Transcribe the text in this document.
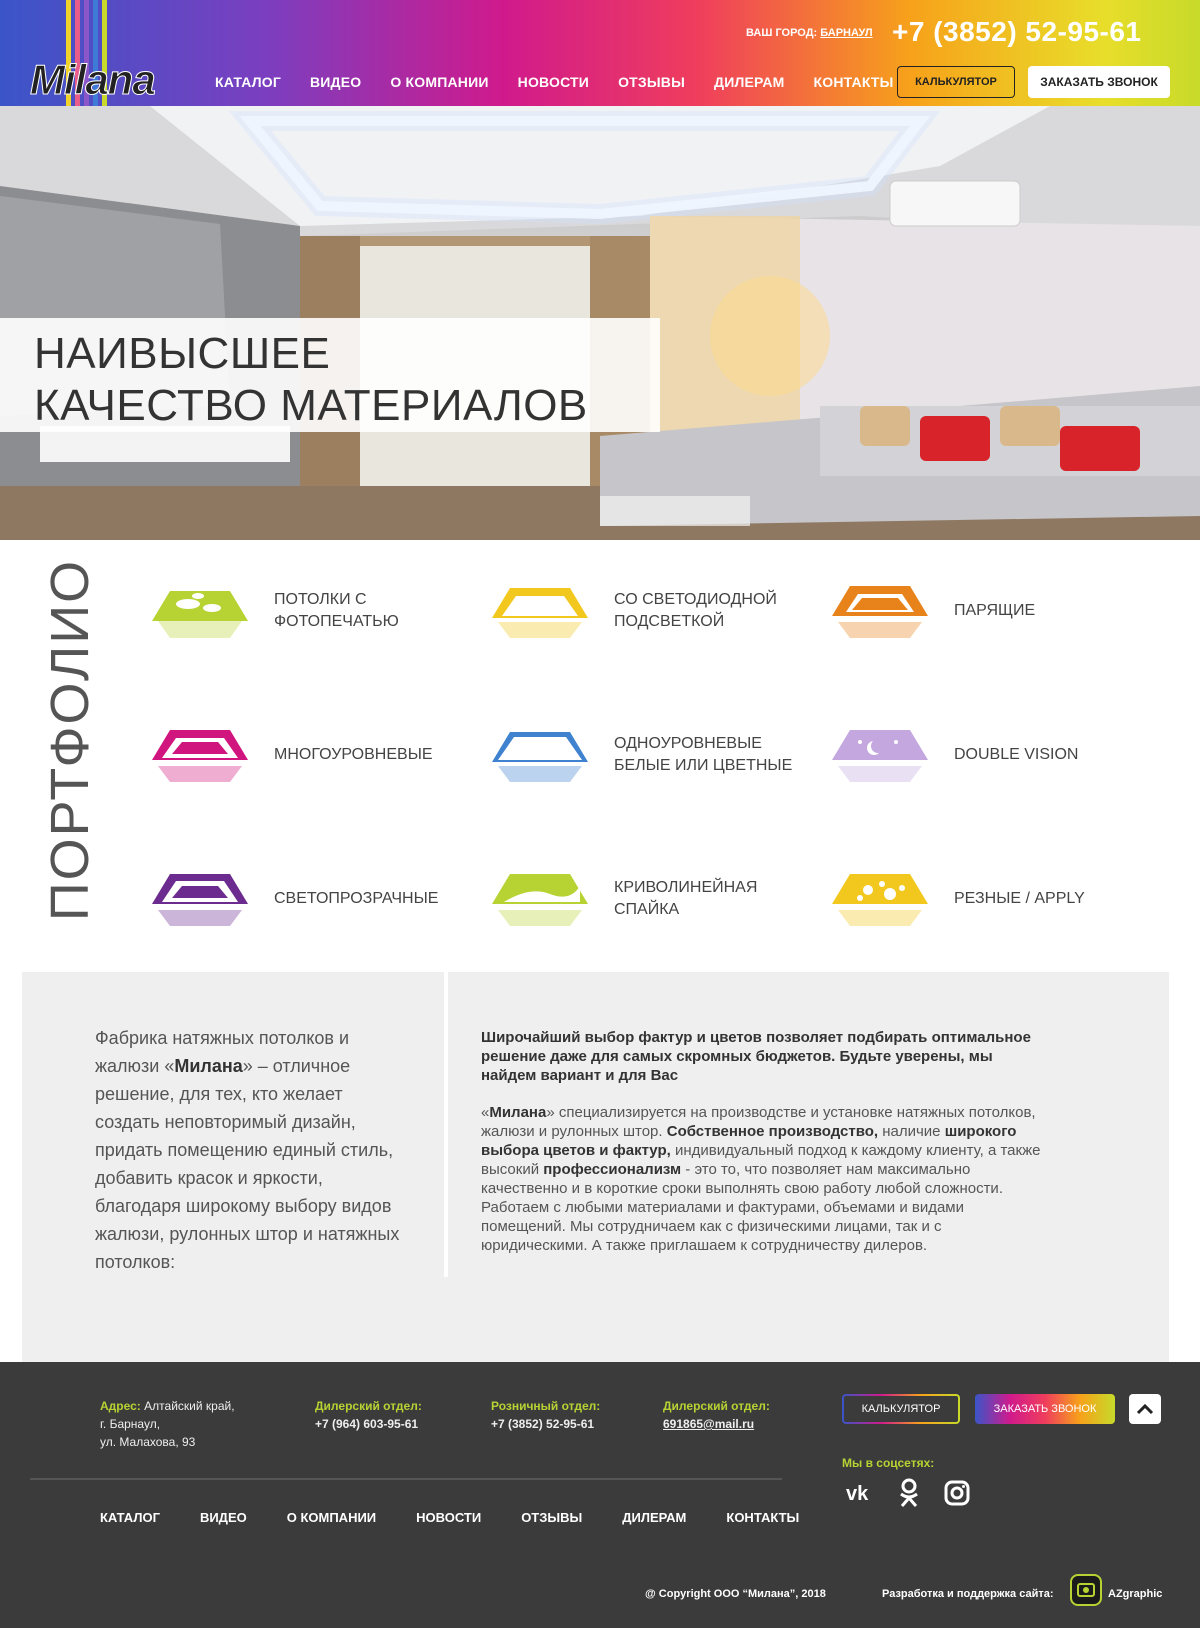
Milana	КАТАЛОГ ВИДЕО О КОМПАНИИ НОВОСТИ ОТЗЫВЫ ДИЛЕРАМ КОНТАКТЫ
ВАШ ГОРОД: БАРНАУЛ +7 (3852) 52-95-61
КАЛЬКУЛЯТОР	ЗАКАЗАТЬ ЗВОНОК
НАИВЫСШЕЕ
КАЧЕСТВО МАТЕРИАЛОВ
ПОРТФОЛИО	ПОТОЛКИ С
ФОТОПЕЧАТЬЮ
СО СВЕТОДИОДНОЙ
ПОДСВЕТКОЙ
ПАРЯЩИЕ
МНОГОУРОВНЕВЫЕ
ОДНОУРОВНЕВЫЕ
БЕЛЫЕ ИЛИ ЦВЕТНЫЕ
DOUBLE VISION
СВЕТОПРОЗРАЧНЫЕ
КРИВОЛИНЕЙНАЯ
СПАЙКА
РЕЗНЫЕ / APPLY
Фабрика натяжных потолков и жалюзи «Милана» – отличное решение, для тех, кто желает создать неповторимый дизайн, придать помещению единый стиль, добавить красок и яркости, благодаря широкому выбору видов жалюзи, рулонных штор и натяжных потолков:
Широчайший выбор фактур и цветов позволяет подбирать оптимальное решение даже для самых скромных бюджетов. Будьте уверены, мы найдем вариант и для Вас
«Милана» специализируется на производстве и установке натяжных потолков, жалюзи и рулонных штор. Собственное производство, наличие широкого выбора цветов и фактур, индивидуальный подход к каждому клиенту, а также высокий профессионализм - это то, что позволяет нам максимально качественно и в короткие сроки выполнять свою работу любой сложности. Работаем с любыми материалами и фактурами, объемами и видами помещений. Мы сотрудничаем как с физическими лицами, так и с юридическими. А также приглашаем к сотрудничеству дилеров.
Адрес: Алтайский край,
г. Барнаул,
ул. Малахова, 93
Дилерский отдел:
+7 (964) 603-95-61
Розничный отдел:
+7 (3852) 52-95-61
Дилерский отдел:
691865@mail.ru
КАЛЬКУЛЯТОР	ЗАКАЗАТЬ ЗВОНОК
Мы в соцсетях:
vk
КАТАЛОГ	ВИДЕО	О КОМПАНИИ	НОВОСТИ	ОТЗЫВЫ	ДИЛЕРАМ	КОНТАКТЫ
@ Copyright ООО “Милана”, 2018	Разработка и поддержка сайта:	AZgraphic
